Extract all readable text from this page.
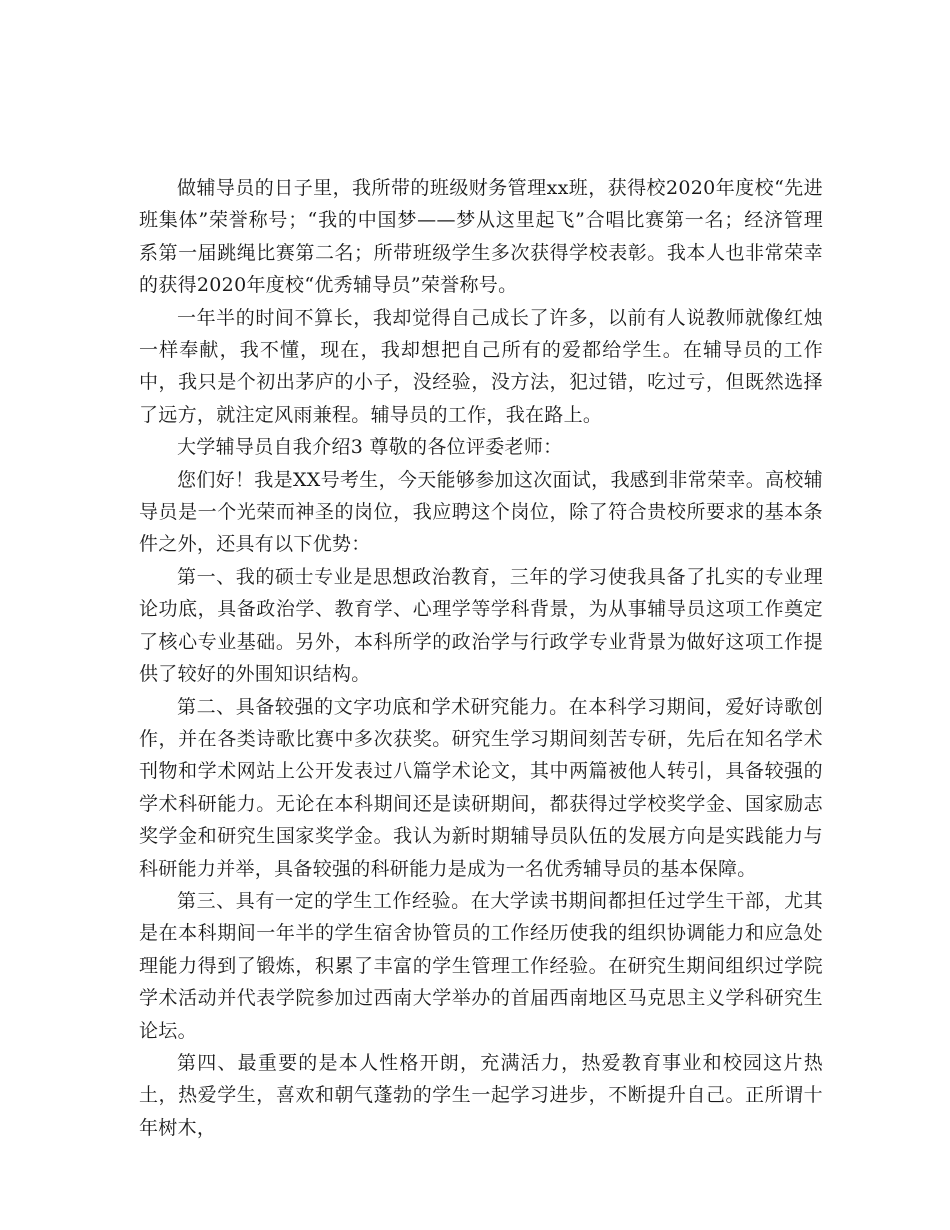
做辅导员的日子里，我所带的班级财务管理xx班，获得校2020年度校“先进班集体”荣誉称号；“我的中国梦——梦从这里起飞”合唱比赛第一名；经济管理系第一届跳绳比赛第二名；所带班级学生多次获得学校表彰。我本人也非常荣幸的获得2020年度校“优秀辅导员”荣誉称号。

一年半的时间不算长，我却觉得自己成长了许多，以前有人说教师就像红烛一样奉献，我不懂，现在，我却想把自己所有的爱都给学生。在辅导员的工作中，我只是个初出茅庐的小子，没经验，没方法，犯过错，吃过亏，但既然选择了远方，就注定风雨兼程。辅导员的工作，我在路上。

大学辅导员自我介绍3 尊敬的各位评委老师：

您们好！我是XX号考生，今天能够参加这次面试，我感到非常荣幸。高校辅导员是一个光荣而神圣的岗位，我应聘这个岗位，除了符合贵校所要求的基本条件之外，还具有以下优势：

第一、我的硕士专业是思想政治教育，三年的学习使我具备了扎实的专业理论功底，具备政治学、教育学、心理学等学科背景，为从事辅导员这项工作奠定了核心专业基础。另外，本科所学的政治学与行政学专业背景为做好这项工作提供了较好的外围知识结构。

第二、具备较强的文字功底和学术研究能力。在本科学习期间，爱好诗歌创作，并在各类诗歌比赛中多次获奖。研究生学习期间刻苦专研，先后在知名学术刊物和学术网站上公开发表过八篇学术论文，其中两篇被他人转引，具备较强的学术科研能力。无论在本科期间还是读研期间，都获得过学校奖学金、国家励志奖学金和研究生国家奖学金。我认为新时期辅导员队伍的发展方向是实践能力与科研能力并举，具备较强的科研能力是成为一名优秀辅导员的基本保障。

第三、具有一定的学生工作经验。在大学读书期间都担任过学生干部，尤其是在本科期间一年半的学生宿舍协管员的工作经历使我的组织协调能力和应急处理能力得到了锻炼，积累了丰富的学生管理工作经验。在研究生期间组织过学院学术活动并代表学院参加过西南大学举办的首届西南地区马克思主义学科研究生论坛。

第四、最重要的是本人性格开朗，充满活力，热爱教育事业和校园这片热土，热爱学生，喜欢和朝气蓬勃的学生一起学习进步，不断提升自己。正所谓十年树木，
